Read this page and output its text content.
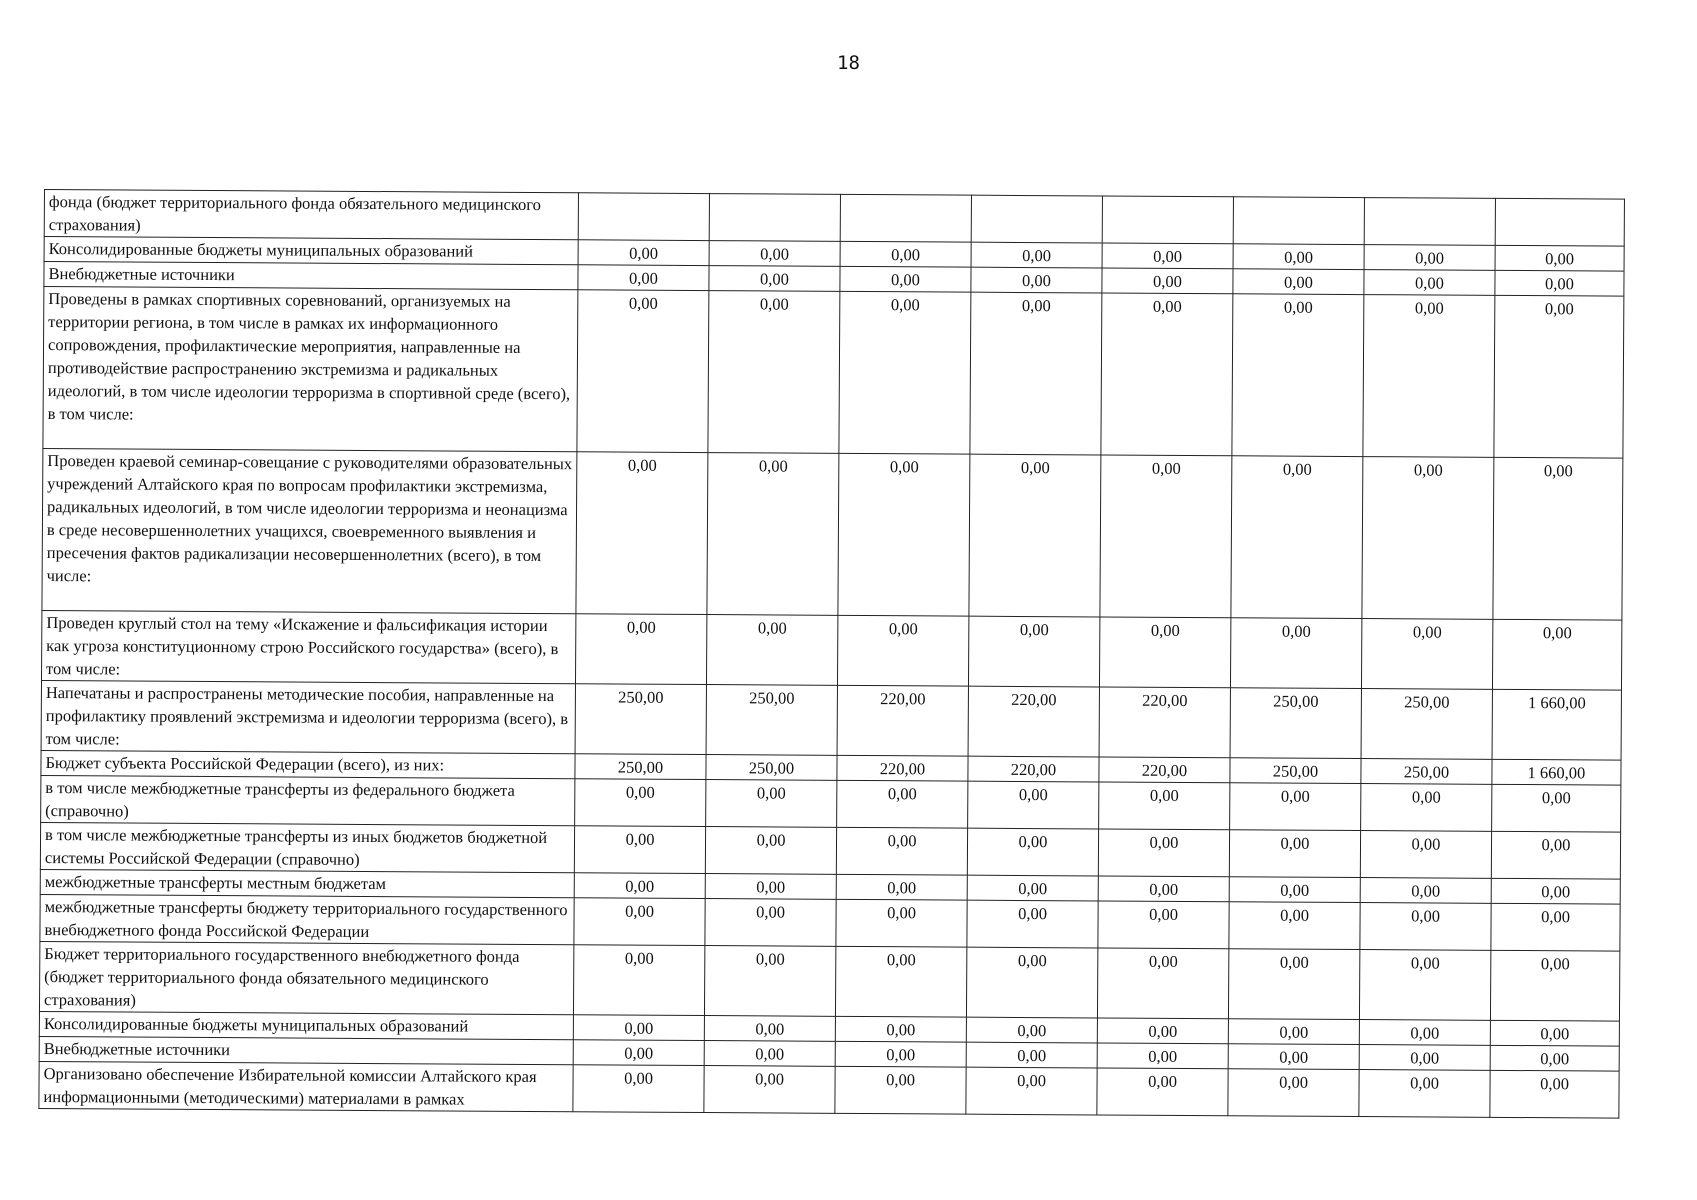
18
фонда (бюджет территориального фонда обязательного медицинского страхования)								
Консолидированные бюджеты муниципальных образований	0,00	0,00	0,00	0,00	0,00	0,00	0,00	0,00
Внебюджетные источники	0,00	0,00	0,00	0,00	0,00	0,00	0,00	0,00
Проведены в рамках спортивных соревнований, организуемых на территории региона, в том числе в рамках их информационного сопровождения, профилактические мероприятия, направленные на противодействие распространению экстремизма и радикальных идеологий, в том числе идеологии терроризма в спортивной среде (всего), в том числе:	0,00	0,00	0,00	0,00	0,00	0,00	0,00	0,00
Проведен краевой семинар-совещание с руководителями образовательных учреждений Алтайского края по вопросам профилактики экстремизма, радикальных идеологий, в том числе идеологии терроризма и неонацизма в среде несовершеннолетних учащихся, своевременного выявления и пресечения фактов радикализации несовершеннолетних (всего), в том числе:	0,00	0,00	0,00	0,00	0,00	0,00	0,00	0,00
Проведен круглый стол на тему «Искажение и фальсификация истории как угроза конституционному строю Российского государства» (всего), в том числе:	0,00	0,00	0,00	0,00	0,00	0,00	0,00	0,00
Напечатаны и распространены методические пособия, направленные на профилактику проявлений экстремизма и идеологии терроризма (всего), в том числе:	250,00	250,00	220,00	220,00	220,00	250,00	250,00	1 660,00
Бюджет субъекта Российской Федерации (всего), из них:	250,00	250,00	220,00	220,00	220,00	250,00	250,00	1 660,00
в том числе межбюджетные трансферты из федерального бюджета (справочно)	0,00	0,00	0,00	0,00	0,00	0,00	0,00	0,00
в том числе межбюджетные трансферты из иных бюджетов бюджетной системы Российской Федерации (справочно)	0,00	0,00	0,00	0,00	0,00	0,00	0,00	0,00
межбюджетные трансферты местным бюджетам	0,00	0,00	0,00	0,00	0,00	0,00	0,00	0,00
межбюджетные трансферты бюджету территориального государственного внебюджетного фонда Российской Федерации	0,00	0,00	0,00	0,00	0,00	0,00	0,00	0,00
Бюджет территориального государственного внебюджетного фонда (бюджет территориального фонда обязательного медицинского страхования)	0,00	0,00	0,00	0,00	0,00	0,00	0,00	0,00
Консолидированные бюджеты муниципальных образований	0,00	0,00	0,00	0,00	0,00	0,00	0,00	0,00
Внебюджетные источники	0,00	0,00	0,00	0,00	0,00	0,00	0,00	0,00
Организовано обеспечение Избирательной комиссии Алтайского края информационными (методическими) материалами в рамках	0,00	0,00	0,00	0,00	0,00	0,00	0,00	0,00
